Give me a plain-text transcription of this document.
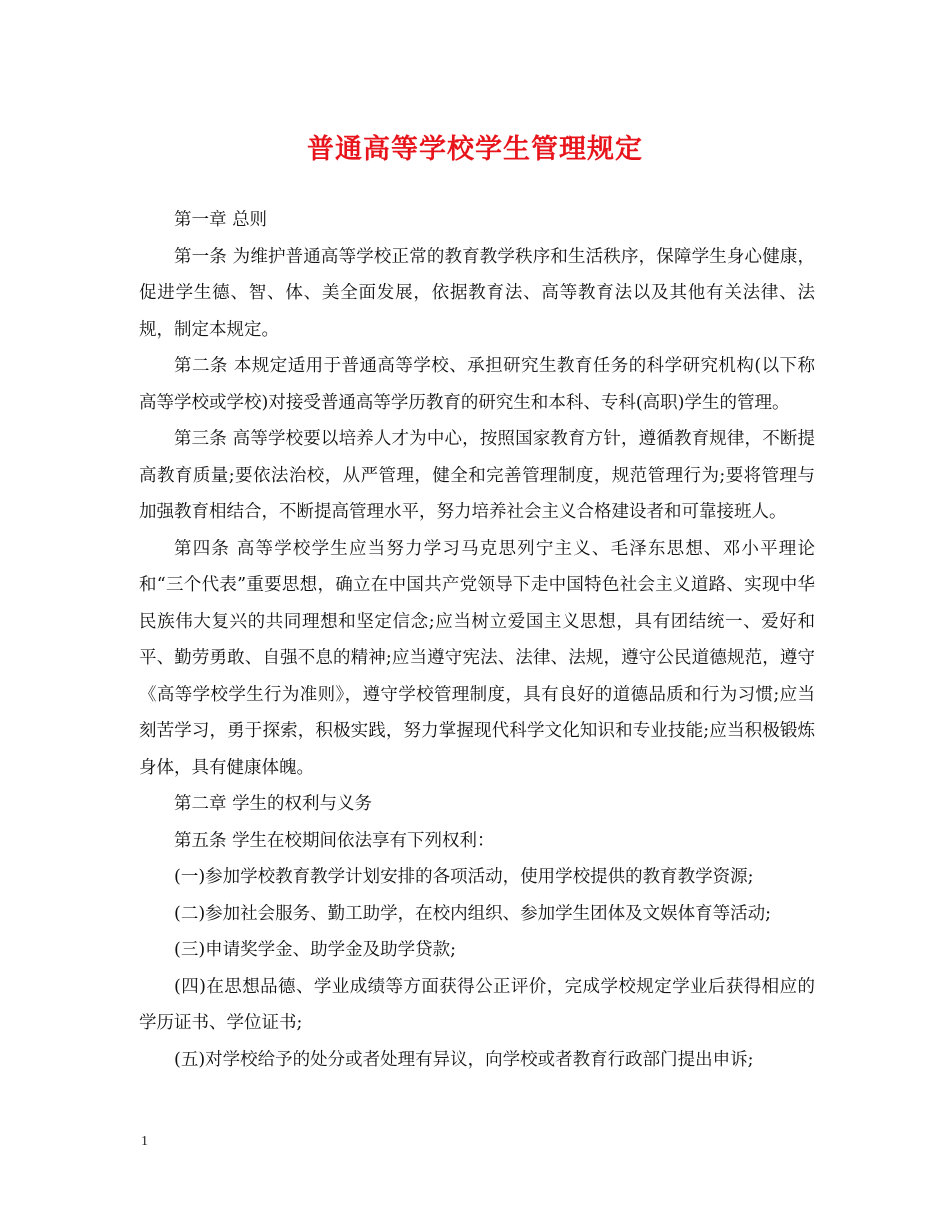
普通高等学校学生管理规定

第一章 总则

第一条 为维护普通高等学校正常的教育教学秩序和生活秩序，保障学生身心健康，促进学生德、智、体、美全面发展，依据教育法、高等教育法以及其他有关法律、法规，制定本规定。

第二条 本规定适用于普通高等学校、承担研究生教育任务的科学研究机构(以下称高等学校或学校)对接受普通高等学历教育的研究生和本科、专科(高职)学生的管理。

第三条 高等学校要以培养人才为中心，按照国家教育方针，遵循教育规律，不断提高教育质量;要依法治校，从严管理，健全和完善管理制度，规范管理行为;要将管理与加强教育相结合，不断提高管理水平，努力培养社会主义合格建设者和可靠接班人。

第四条 高等学校学生应当努力学习马克思列宁主义、毛泽东思想、邓小平理论和“三个代表”重要思想，确立在中国共产党领导下走中国特色社会主义道路、实现中华民族伟大复兴的共同理想和坚定信念;应当树立爱国主义思想，具有团结统一、爱好和平、勤劳勇敢、自强不息的精神;应当遵守宪法、法律、法规，遵守公民道德规范，遵守《高等学校学生行为准则》，遵守学校管理制度，具有良好的道德品质和行为习惯;应当刻苦学习，勇于探索，积极实践，努力掌握现代科学文化知识和专业技能;应当积极锻炼身体，具有健康体魄。

第二章 学生的权利与义务

第五条 学生在校期间依法享有下列权利：

(一)参加学校教育教学计划安排的各项活动，使用学校提供的教育教学资源;

(二)参加社会服务、勤工助学，在校内组织、参加学生团体及文娱体育等活动;

(三)申请奖学金、助学金及助学贷款;

(四)在思想品德、学业成绩等方面获得公正评价，完成学校规定学业后获得相应的学历证书、学位证书;

(五)对学校给予的处分或者处理有异议，向学校或者教育行政部门提出申诉;

1
